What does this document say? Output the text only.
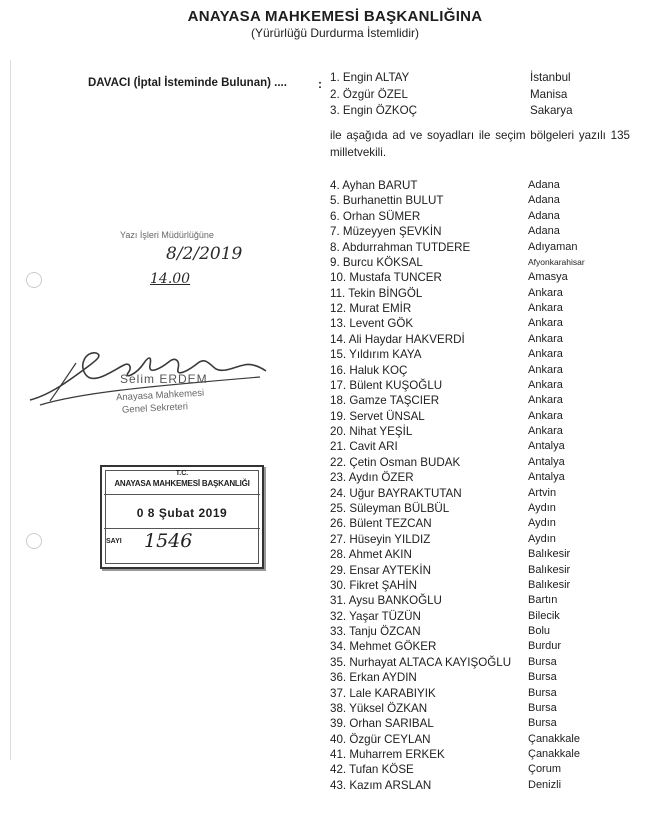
ANAYASA MAHKEMESİ BAŞKANLIĞINA
(Yürürlüğü Durdurma İstemlidir)
DAVACI (İptal İsteminde Bulunan) ....	: 1. Engin ALTAY	İstanbul
2. Özgür ÖZEL	Manisa
3. Engin ÖZKOÇ	Sakarya
ile aşağıda ad ve soyadları ile seçim bölgeleri yazılı 135 milletvekili.
4. Ayhan BARUT	Adana
5. Burhanettin BULUT	Adana
6. Orhan SÜMER	Adana
7. Müzeyyen ŞEVKİN	Adana
8. Abdurrahman TUTDERE	Adıyaman
9. Burcu KÖKSAL	Afyonkarahisar
10. Mustafa TUNCER	Amasya
11. Tekin BİNGÖL	Ankara
12. Murat EMİR	Ankara
13. Levent GÖK	Ankara
14. Ali Haydar HAKVERDİ	Ankara
15. Yıldırım KAYA	Ankara
16. Haluk KOÇ	Ankara
17. Bülent KUŞOĞLU	Ankara
18. Gamze TAŞCIER	Ankara
19. Servet ÜNSAL	Ankara
20. Nihat YEŞİL	Ankara
21. Cavit ARI	Antalya
22. Çetin Osman BUDAK	Antalya
23. Aydın ÖZER	Antalya
24. Uğur BAYRAKTUTAN	Artvin
25. Süleyman BÜLBÜL	Aydın
26. Bülent TEZCAN	Aydın
27. Hüseyin YILDIZ	Aydın
28. Ahmet AKIN	Balıkesir
29. Ensar AYTEKİN	Balıkesir
30. Fikret ŞAHİN	Balıkesir
31. Aysu BANKOĞLU	Bartın
32. Yaşar TÜZÜN	Bilecik
33. Tanju ÖZCAN	Bolu
34. Mehmet GÖKER	Burdur
35. Nurhayat ALTACA KAYIŞOĞLU Bursa
36. Erkan AYDIN	Bursa
37. Lale KARABIYIK	Bursa
38. Yüksel ÖZKAN	Bursa
39. Orhan SARIBAL	Bursa
40. Özgür CEYLAN	Çanakkale
41. Muharrem ERKEK	Çanakkale
42. Tufan KÖSE	Çorum
43. Kazım ARSLAN	Denizli
Yazı İşleri Müdürlüğüne
8/2/2019
14.00
Selim ERDEM
Anayasa Mahkemesi
Genel Sekreteri
T.C.
ANAYASA MAHKEMESİ BAŞKANLIĞI
0 8 Şubat 2019
SAYI 1546
